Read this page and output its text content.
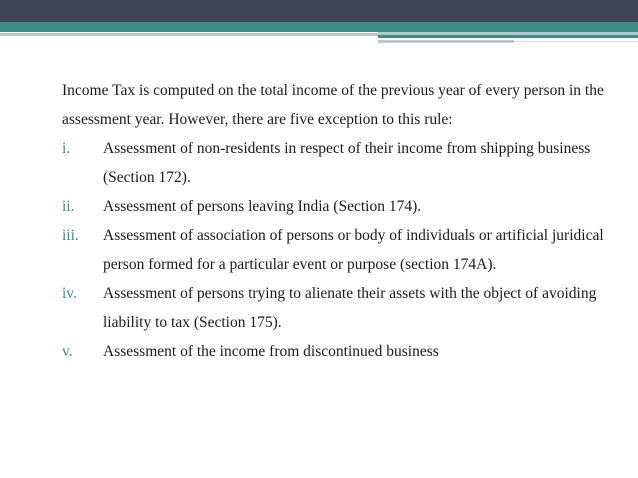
Income Tax is computed on the total income of the previous year of every person in the assessment year. However, there are five exception to this rule:

i.	Assessment of non-residents in respect of their income from shipping business (Section 172).
ii.	Assessment of persons leaving India (Section 174).
iii.	Assessment of association of persons or body of individuals or artificial juridical person formed for a particular event or purpose (section 174A).
iv.	Assessment of persons trying to alienate their assets with the object of avoiding liability to tax (Section 175).
v.	Assessment of the income from discontinued business
